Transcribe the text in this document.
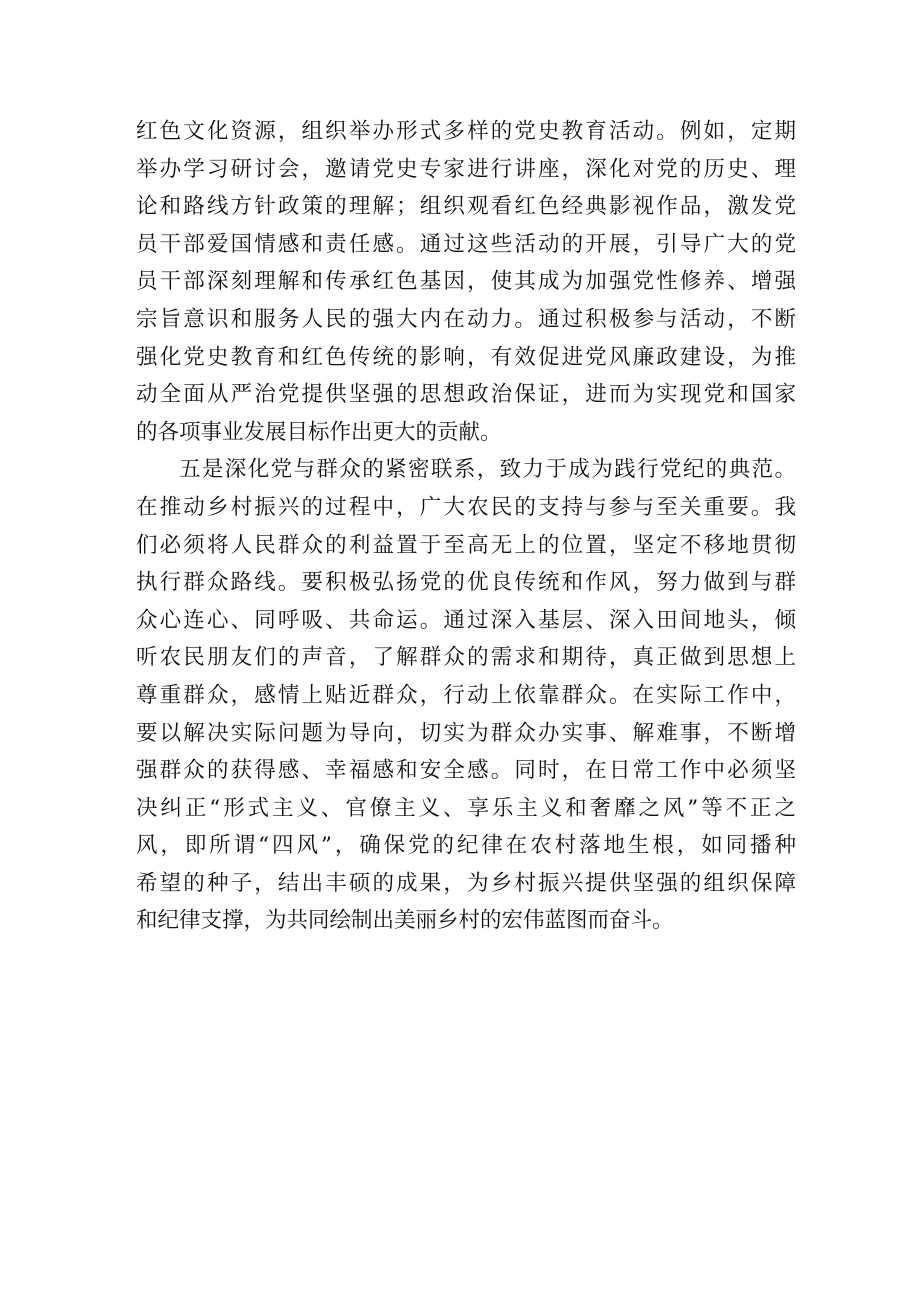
红色文化资源，组织举办形式多样的党史教育活动。例如，定期
举办学习研讨会，邀请党史专家进行讲座，深化对党的历史、理
论和路线方针政策的理解；组织观看红色经典影视作品，激发党
员干部爱国情感和责任感。通过这些活动的开展，引导广大的党
员干部深刻理解和传承红色基因，使其成为加强党性修养、增强
宗旨意识和服务人民的强大内在动力。通过积极参与活动，不断
强化党史教育和红色传统的影响，有效促进党风廉政建设，为推
动全面从严治党提供坚强的思想政治保证，进而为实现党和国家
的各项事业发展目标作出更大的贡献。
五是深化党与群众的紧密联系，致力于成为践行党纪的典范。
在推动乡村振兴的过程中，广大农民的支持与参与至关重要。我
们必须将人民群众的利益置于至高无上的位置，坚定不移地贯彻
执行群众路线。要积极弘扬党的优良传统和作风，努力做到与群
众心连心、同呼吸、共命运。通过深入基层、深入田间地头，倾
听农民朋友们的声音，了解群众的需求和期待，真正做到思想上
尊重群众，感情上贴近群众，行动上依靠群众。在实际工作中，
要以解决实际问题为导向，切实为群众办实事、解难事，不断增
强群众的获得感、幸福感和安全感。同时，在日常工作中必须坚
决纠正“形式主义、官僚主义、享乐主义和奢靡之风”等不正之
风，即所谓“四风”，确保党的纪律在农村落地生根，如同播种
希望的种子，结出丰硕的成果，为乡村振兴提供坚强的组织保障
和纪律支撑，为共同绘制出美丽乡村的宏伟蓝图而奋斗。
